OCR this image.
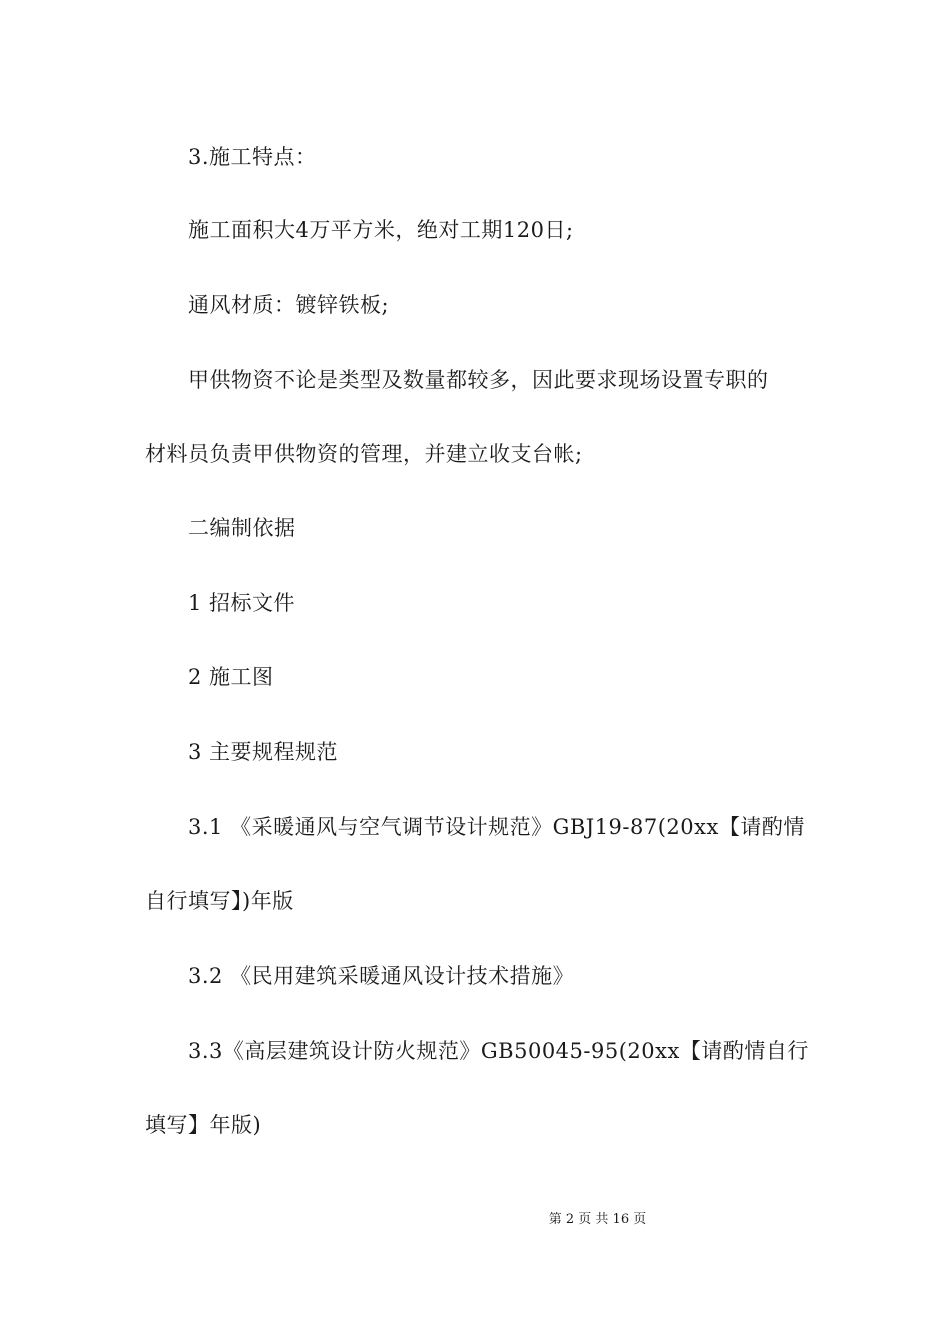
3.施工特点：
施工面积大4万平方米，绝对工期120日;
通风材质：镀锌铁板;
甲供物资不论是类型及数量都较多，因此要求现场设置专职的
材料员负责甲供物资的管理，并建立收支台帐;
二编制依据
1 招标文件
2 施工图
3 主要规程规范
3.1 《采暖通风与空气调节设计规范》GBJ19-87(20xx【请酌情
自行填写】)年版
3.2 《民用建筑采暖通风设计技术措施》
3.3《高层建筑设计防火规范》GB50045-95(20xx【请酌情自行
填写】年版)
第 2 页 共 16 页
